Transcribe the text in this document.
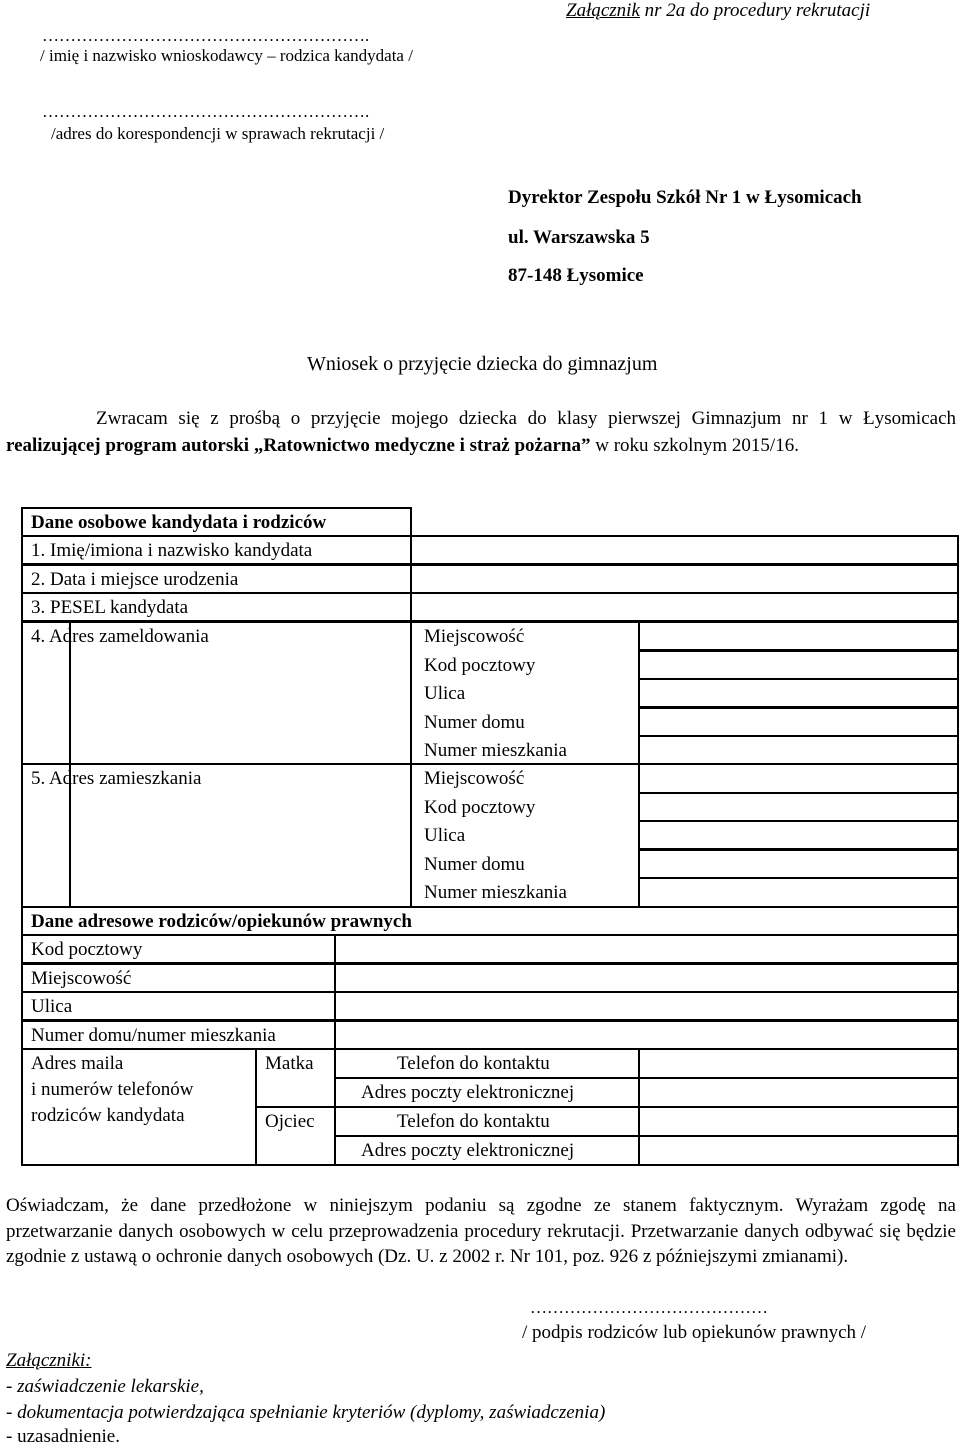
Załącznik nr 2a do procedury rekrutacji
………………………………………………….
/ imię i nazwisko wnioskodawcy – rodzica kandydata /
………………………………………………….
/adres do korespondencji w sprawach rekrutacji /
Dyrektor Zespołu Szkół Nr 1 w Łysomicach
ul. Warszawska 5
87-148 Łysomice
Wniosek o przyjęcie dziecka do gimnazjum
Zwracam się z prośbą o przyjęcie mojego dziecka do klasy pierwszej Gimnazjum nr 1 w Łysomicach realizującej program autorski „Ratownictwo medyczne i straż pożarna” w roku szkolnym 2015/16.
Dane osobowe kandydata i rodziców
1. Imię/imiona i nazwisko kandydata
2. Data i miejsce urodzenia
3. PESEL kandydata
4. Adres zameldowania
5. Adres zamieszkania
Miejscowość
Kod pocztowy
Ulica
Numer domu
Numer mieszkania
Miejscowość
Kod pocztowy
Ulica
Numer domu
Numer mieszkania
Dane adresowe rodziców/opiekunów prawnych
Kod pocztowy
Miejscowość
Ulica
Numer domu/numer mieszkania
Adres maila
i numerów telefonów
rodziców kandydata
Matka
Ojciec
Telefon do kontaktu
Adres poczty elektronicznej
Telefon do kontaktu
Adres poczty elektronicznej
Oświadczam, że dane przedłożone w niniejszym podaniu są zgodne ze stanem faktycznym. Wyrażam zgodę na przetwarzanie danych osobowych w celu przeprowadzenia procedury rekrutacji. Przetwarzanie danych odbywać się będzie zgodnie z ustawą o ochronie danych osobowych (Dz. U. z 2002 r. Nr 101, poz. 926 z późniejszymi zmianami).
……………………………………
/ podpis rodziców lub opiekunów prawnych /
Załączniki:
- zaświadczenie lekarskie,
- dokumentacja potwierdzająca spełnianie kryteriów (dyplomy, zaświadczenia)
- uzasadnienie.
